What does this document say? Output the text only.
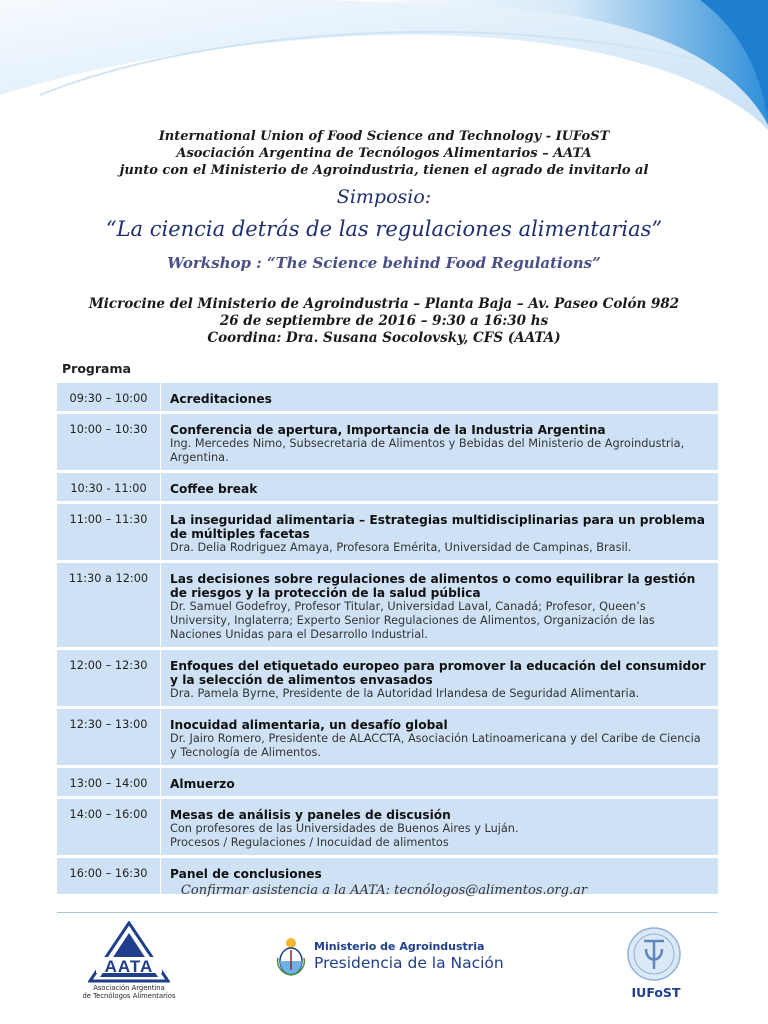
International Union of Food Science and Technology - IUFoST
Asociación Argentina de Tecnólogos Alimentarios – AATA
junto con el Ministerio de Agroindustria, tienen el agrado de invitarlo al
Simposio:
“La ciencia detrás de las regulaciones alimentarias”
Workshop : “The Science behind Food Regulations”
Microcine del Ministerio de Agroindustria – Planta Baja – Av. Paseo Colón 982
26 de septiembre de 2016 – 9:30 a 16:30 hs
Coordina: Dra. Susana Socolovsky, CFS (AATA)
Programa
09:30 – 10:00	Acreditaciones

10:00 – 10:30	Conferencia de apertura, Importancia de la Industria Argentina
Ing. Mercedes Nimo, Subsecretaria de Alimentos y Bebidas del Ministerio de Agroindustria, Argentina.

10:30 - 11:00	Coffee break

11:00 – 11:30	La inseguridad alimentaria – Estrategias multidisciplinarias para un problema de múltiples facetas
Dra. Delia Rodriguez Amaya, Profesora Emérita, Universidad de Campinas, Brasil.

11:30 a 12:00	Las decisiones sobre regulaciones de alimentos o como equilibrar la gestión de riesgos y la protección de la salud pública
Dr. Samuel Godefroy, Profesor Titular, Universidad Laval, Canadá; Profesor, Queen’s University, Inglaterra; Experto Senior Regulaciones de Alimentos, Organización de las Naciones Unidas para el Desarrollo Industrial.

12:00 – 12:30	Enfoques del etiquetado europeo para promover la educación del consumidor y la selección de alimentos envasados
Dra. Pamela Byrne, Presidente de la Autoridad Irlandesa de Seguridad Alimentaria.

12:30 – 13:00	Inocuidad alimentaria, un desafío global
Dr. Jairo Romero, Presidente de ALACCTA, Asociación Latinoamericana y del Caribe de Ciencia y Tecnología de Alimentos.

13:00 – 14:00	Almuerzo

14:00 – 16:00	Mesas de análisis y paneles de discusión
Con profesores de las Universidades de Buenos Aires y Luján.
Procesos / Regulaciones / Inocuidad de alimentos

16:00 – 16:30	Panel de conclusiones
Confirmar asistencia a la AATA: tecnólogos@alimentos.org.ar
AATA
Asociación Argentina
de Tecnólogos Alimentarios
Ministerio de Agroindustria
Presidencia de la Nación
IUFoST
